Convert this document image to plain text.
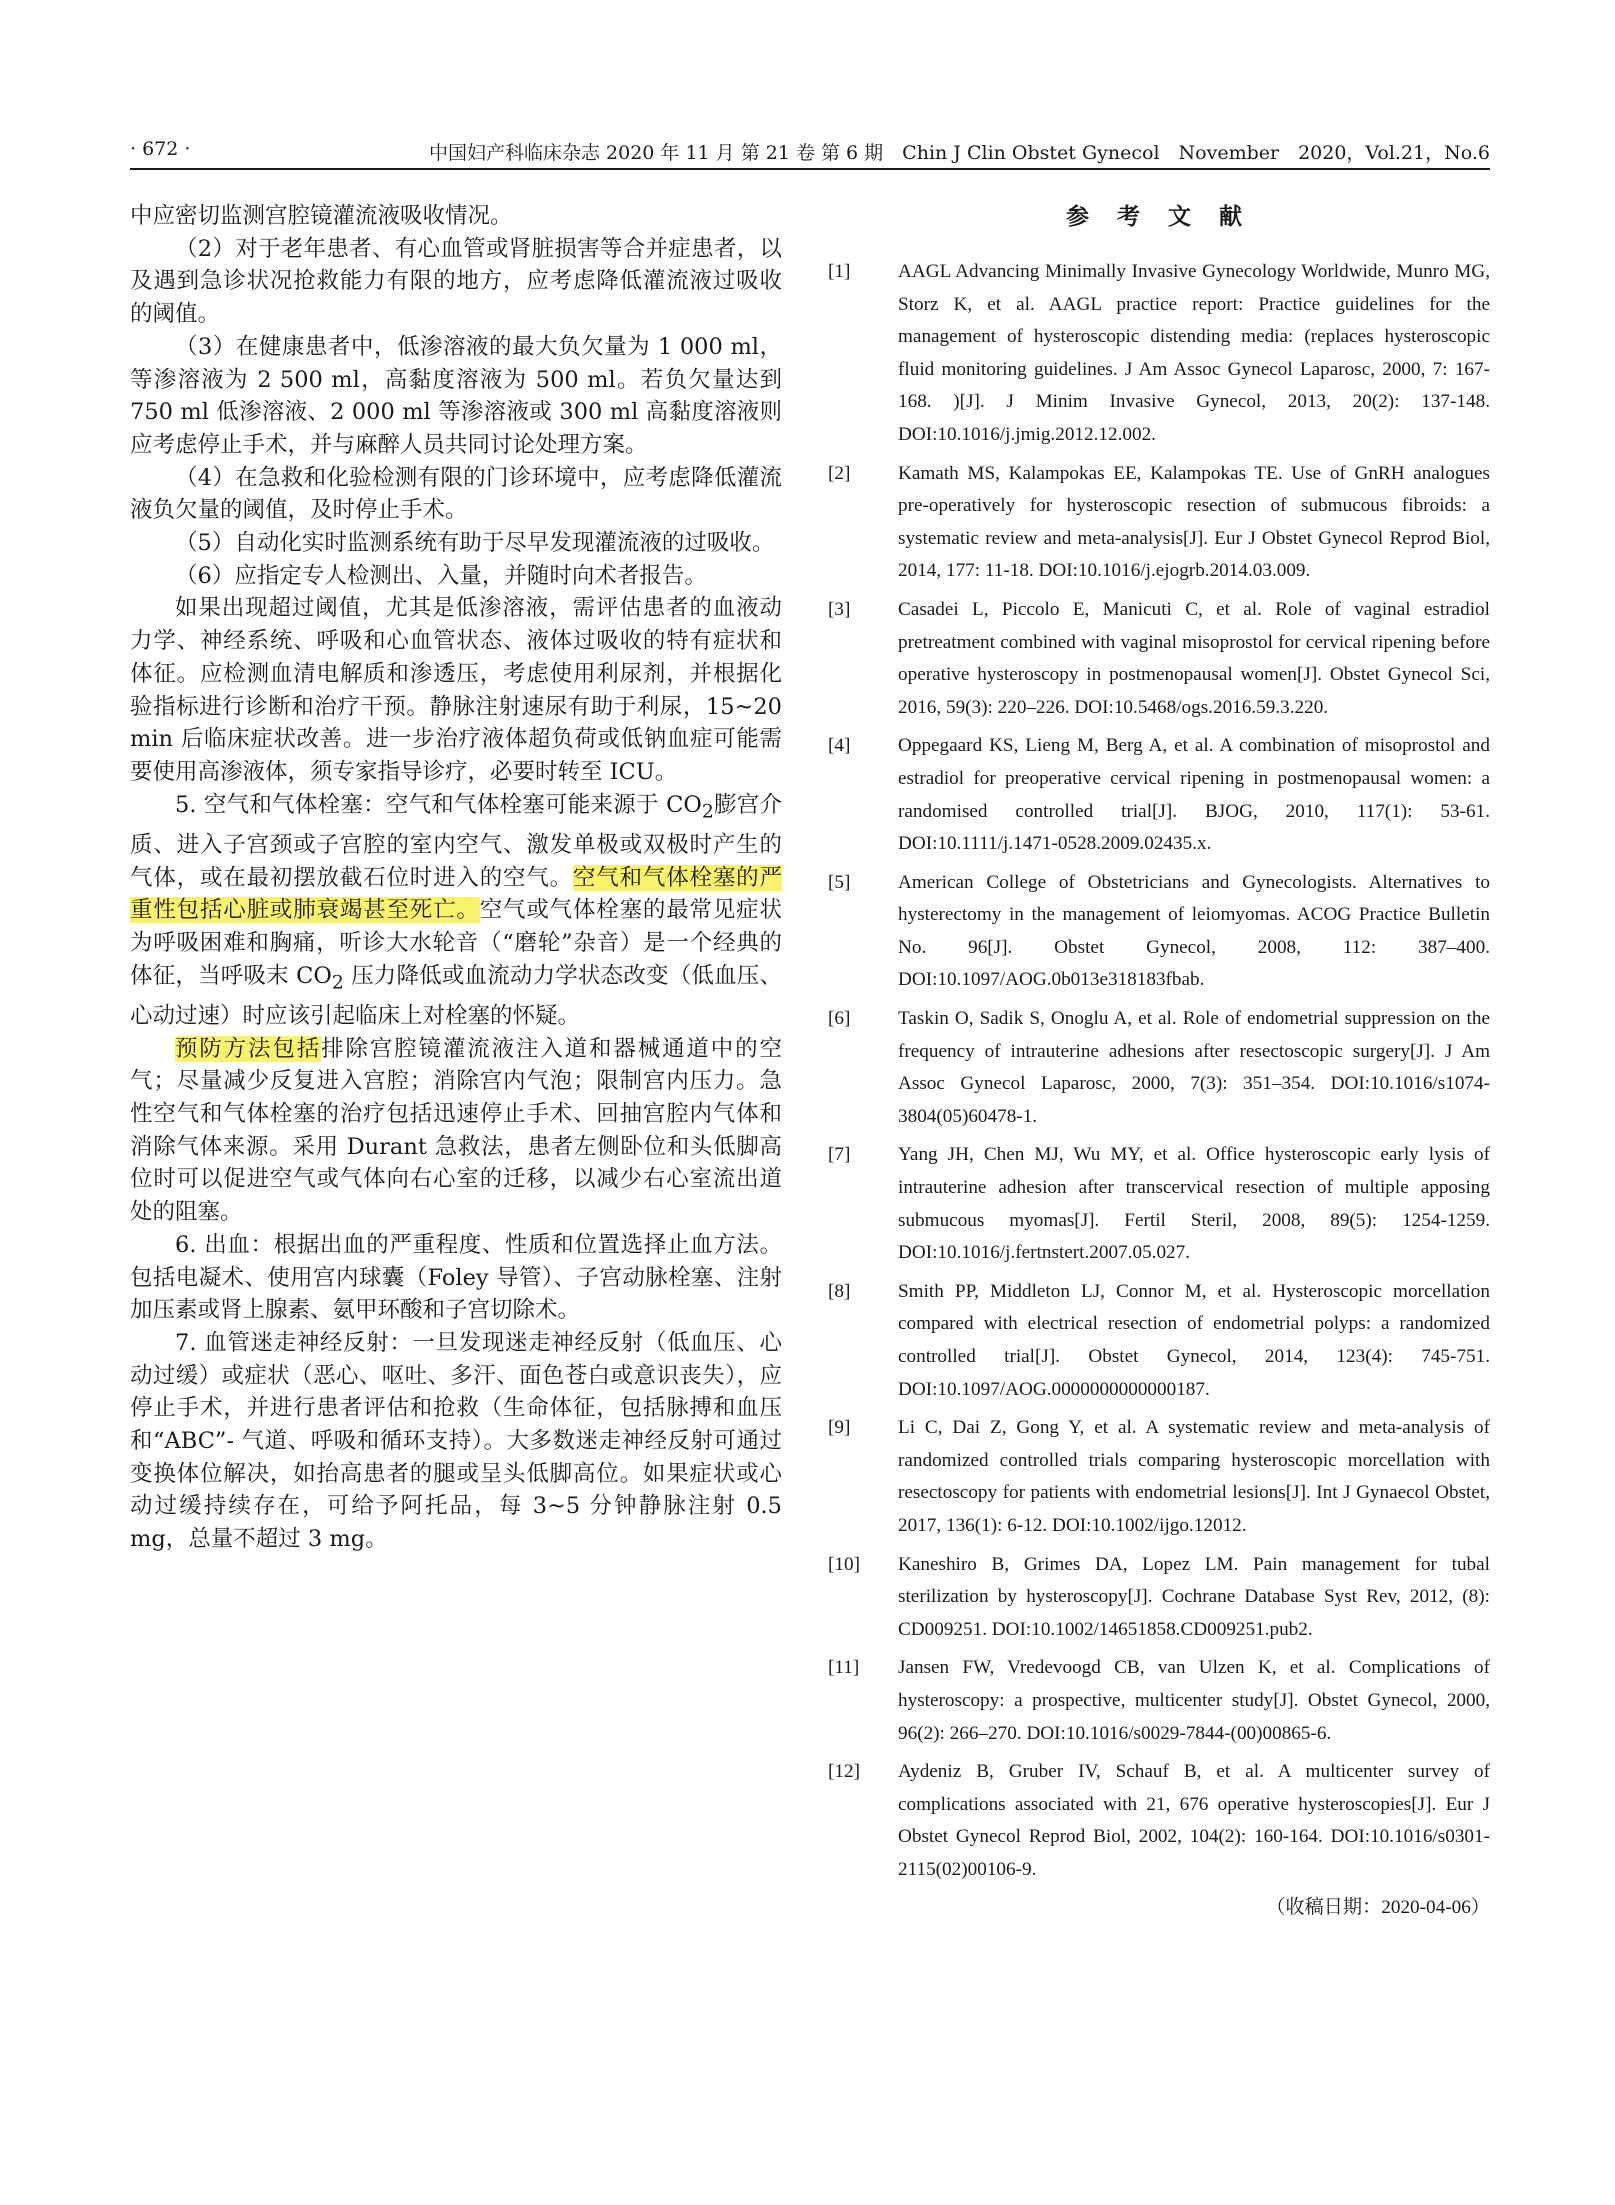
· 672 ·	中国妇产科临床杂志 2020 年 11 月 第 21 卷 第 6 期　Chin J Clin Obstet Gynecol　November　2020，Vol.21，No.6

中应密切监测宫腔镜灌流液吸收情况。

（2）对于老年患者、有心血管或肾脏损害等合并症患者，以及遇到急诊状况抢救能力有限的地方，应考虑降低灌流液过吸收的阈值。

（3）在健康患者中，低渗溶液的最大负欠量为 1 000 ml，等渗溶液为 2 500 ml，高黏度溶液为 500 ml。若负欠量达到 750 ml 低渗溶液、2 000 ml 等渗溶液或 300 ml 高黏度溶液则应考虑停止手术，并与麻醉人员共同讨论处理方案。

（4）在急救和化验检测有限的门诊环境中，应考虑降低灌流液负欠量的阈值，及时停止手术。

（5）自动化实时监测系统有助于尽早发现灌流液的过吸收。

（6）应指定专人检测出、入量，并随时向术者报告。

如果出现超过阈值，尤其是低渗溶液，需评估患者的血液动力学、神经系统、呼吸和心血管状态、液体过吸收的特有症状和体征。应检测血清电解质和渗透压，考虑使用利尿剂，并根据化验指标进行诊断和治疗干预。静脉注射速尿有助于利尿，15~20 min 后临床症状改善。进一步治疗液体超负荷或低钠血症可能需要使用高渗液体，须专家指导诊疗，必要时转至 ICU。

5. 空气和气体栓塞：空气和气体栓塞可能来源于 $CO_2$膨宫介质、进入子宫颈或子宫腔的室内空气、激发单极或双极时产生的气体，或在最初摆放截石位时进入的空气。空气和气体栓塞的严重性包括心脏或肺衰竭甚至死亡。空气或气体栓塞的最常见症状为呼吸困难和胸痛，听诊大水轮音（“磨轮”杂音）是一个经典的体征，当呼吸末 $CO_2$ 压力降低或血流动力学状态改变（低血压、心动过速）时应该引起临床上对栓塞的怀疑。

预防方法包括排除宫腔镜灌流液注入道和器械通道中的空气；尽量减少反复进入宫腔；消除宫内气泡；限制宫内压力。急性空气和气体栓塞的治疗包括迅速停止手术、回抽宫腔内气体和消除气体来源。采用 Durant 急救法，患者左侧卧位和头低脚高位时可以促进空气或气体向右心室的迁移，以减少右心室流出道处的阻塞。

6. 出血：根据出血的严重程度、性质和位置选择止血方法。包括电凝术、使用宫内球囊（Foley 导管）、子宫动脉栓塞、注射加压素或肾上腺素、氨甲环酸和子宫切除术。

7. 血管迷走神经反射：一旦发现迷走神经反射（低血压、心动过缓）或症状（恶心、呕吐、多汗、面色苍白或意识丧失），应停止手术，并进行患者评估和抢救（生命体征，包括脉搏和血压和“ABC”- 气道、呼吸和循环支持）。大多数迷走神经反射可通过变换体位解决，如抬高患者的腿或呈头低脚高位。如果症状或心动过缓持续存在，可给予阿托品，每 3~5 分钟静脉注射 0.5 mg，总量不超过 3 mg。

参 考 文 献
[1]	AAGL Advancing Minimally Invasive Gynecology Worldwide, Munro MG, Storz K, et al. AAGL practice report: Practice guidelines for the management of hysteroscopic distending media: (replaces hysteroscopic fluid monitoring guidelines. J Am Assoc Gynecol Laparosc, 2000, 7: 167-168. )[J]. J Minim Invasive Gynecol, 2013, 20(2): 137-148. DOI:10.1016/j.jmig.2012.12.002.
[2]	Kamath MS, Kalampokas EE, Kalampokas TE. Use of GnRH analogues pre-operatively for hysteroscopic resection of submucous fibroids: a systematic review and meta-analysis[J]. Eur J Obstet Gynecol Reprod Biol, 2014, 177: 11-18. DOI:10.1016/j.ejogrb.2014.03.009.
[3]	Casadei L, Piccolo E, Manicuti C, et al. Role of vaginal estradiol pretreatment combined with vaginal misoprostol for cervical ripening before operative hysteroscopy in postmenopausal women[J]. Obstet Gynecol Sci, 2016, 59(3): 220–226. DOI:10.5468/ogs.2016.59.3.220.
[4]	Oppegaard KS, Lieng M, Berg A, et al. A combination of misoprostol and estradiol for preoperative cervical ripening in postmenopausal women: a randomised controlled trial[J]. BJOG, 2010, 117(1): 53-61. DOI:10.1111/j.1471-0528.2009.02435.x.
[5]	American College of Obstetricians and Gynecologists. Alternatives to hysterectomy in the management of leiomyomas. ACOG Practice Bulletin No. 96[J]. Obstet Gynecol, 2008, 112: 387–400. DOI:10.1097/AOG.0b013e318183fbab.
[6]	Taskin O, Sadik S, Onoglu A, et al. Role of endometrial suppression on the frequency of intrauterine adhesions after resectoscopic surgery[J]. J Am Assoc Gynecol Laparosc, 2000, 7(3): 351–354. DOI:10.1016/s1074-3804(05)60478-1.
[7]	Yang JH, Chen MJ, Wu MY, et al. Office hysteroscopic early lysis of intrauterine adhesion after transcervical resection of multiple apposing submucous myomas[J]. Fertil Steril, 2008, 89(5): 1254-1259. DOI:10.1016/j.fertnstert.2007.05.027.
[8]	Smith PP, Middleton LJ, Connor M, et al. Hysteroscopic morcellation compared with electrical resection of endometrial polyps: a randomized controlled trial[J]. Obstet Gynecol, 2014, 123(4): 745-751. DOI:10.1097/AOG.0000000000000187.
[9]	Li C, Dai Z, Gong Y, et al. A systematic review and meta-analysis of randomized controlled trials comparing hysteroscopic morcellation with resectoscopy for patients with endometrial lesions[J]. Int J Gynaecol Obstet, 2017, 136(1): 6-12. DOI:10.1002/ijgo.12012.
[10]	Kaneshiro B, Grimes DA, Lopez LM. Pain management for tubal sterilization by hysteroscopy[J]. Cochrane Database Syst Rev, 2012, (8): CD009251. DOI:10.1002/14651858.CD009251.pub2.
[11]	Jansen FW, Vredevoogd CB, van Ulzen K, et al. Complications of hysteroscopy: a prospective, multicenter study[J]. Obstet Gynecol, 2000, 96(2): 266–270. DOI:10.1016/s0029-7844-(00)00865-6.
[12]	Aydeniz B, Gruber IV, Schauf B, et al. A multicenter survey of complications associated with 21, 676 operative hysteroscopies[J]. Eur J Obstet Gynecol Reprod Biol, 2002, 104(2): 160-164. DOI:10.1016/s0301-2115(02)00106-9.
（收稿日期：2020-04-06）
